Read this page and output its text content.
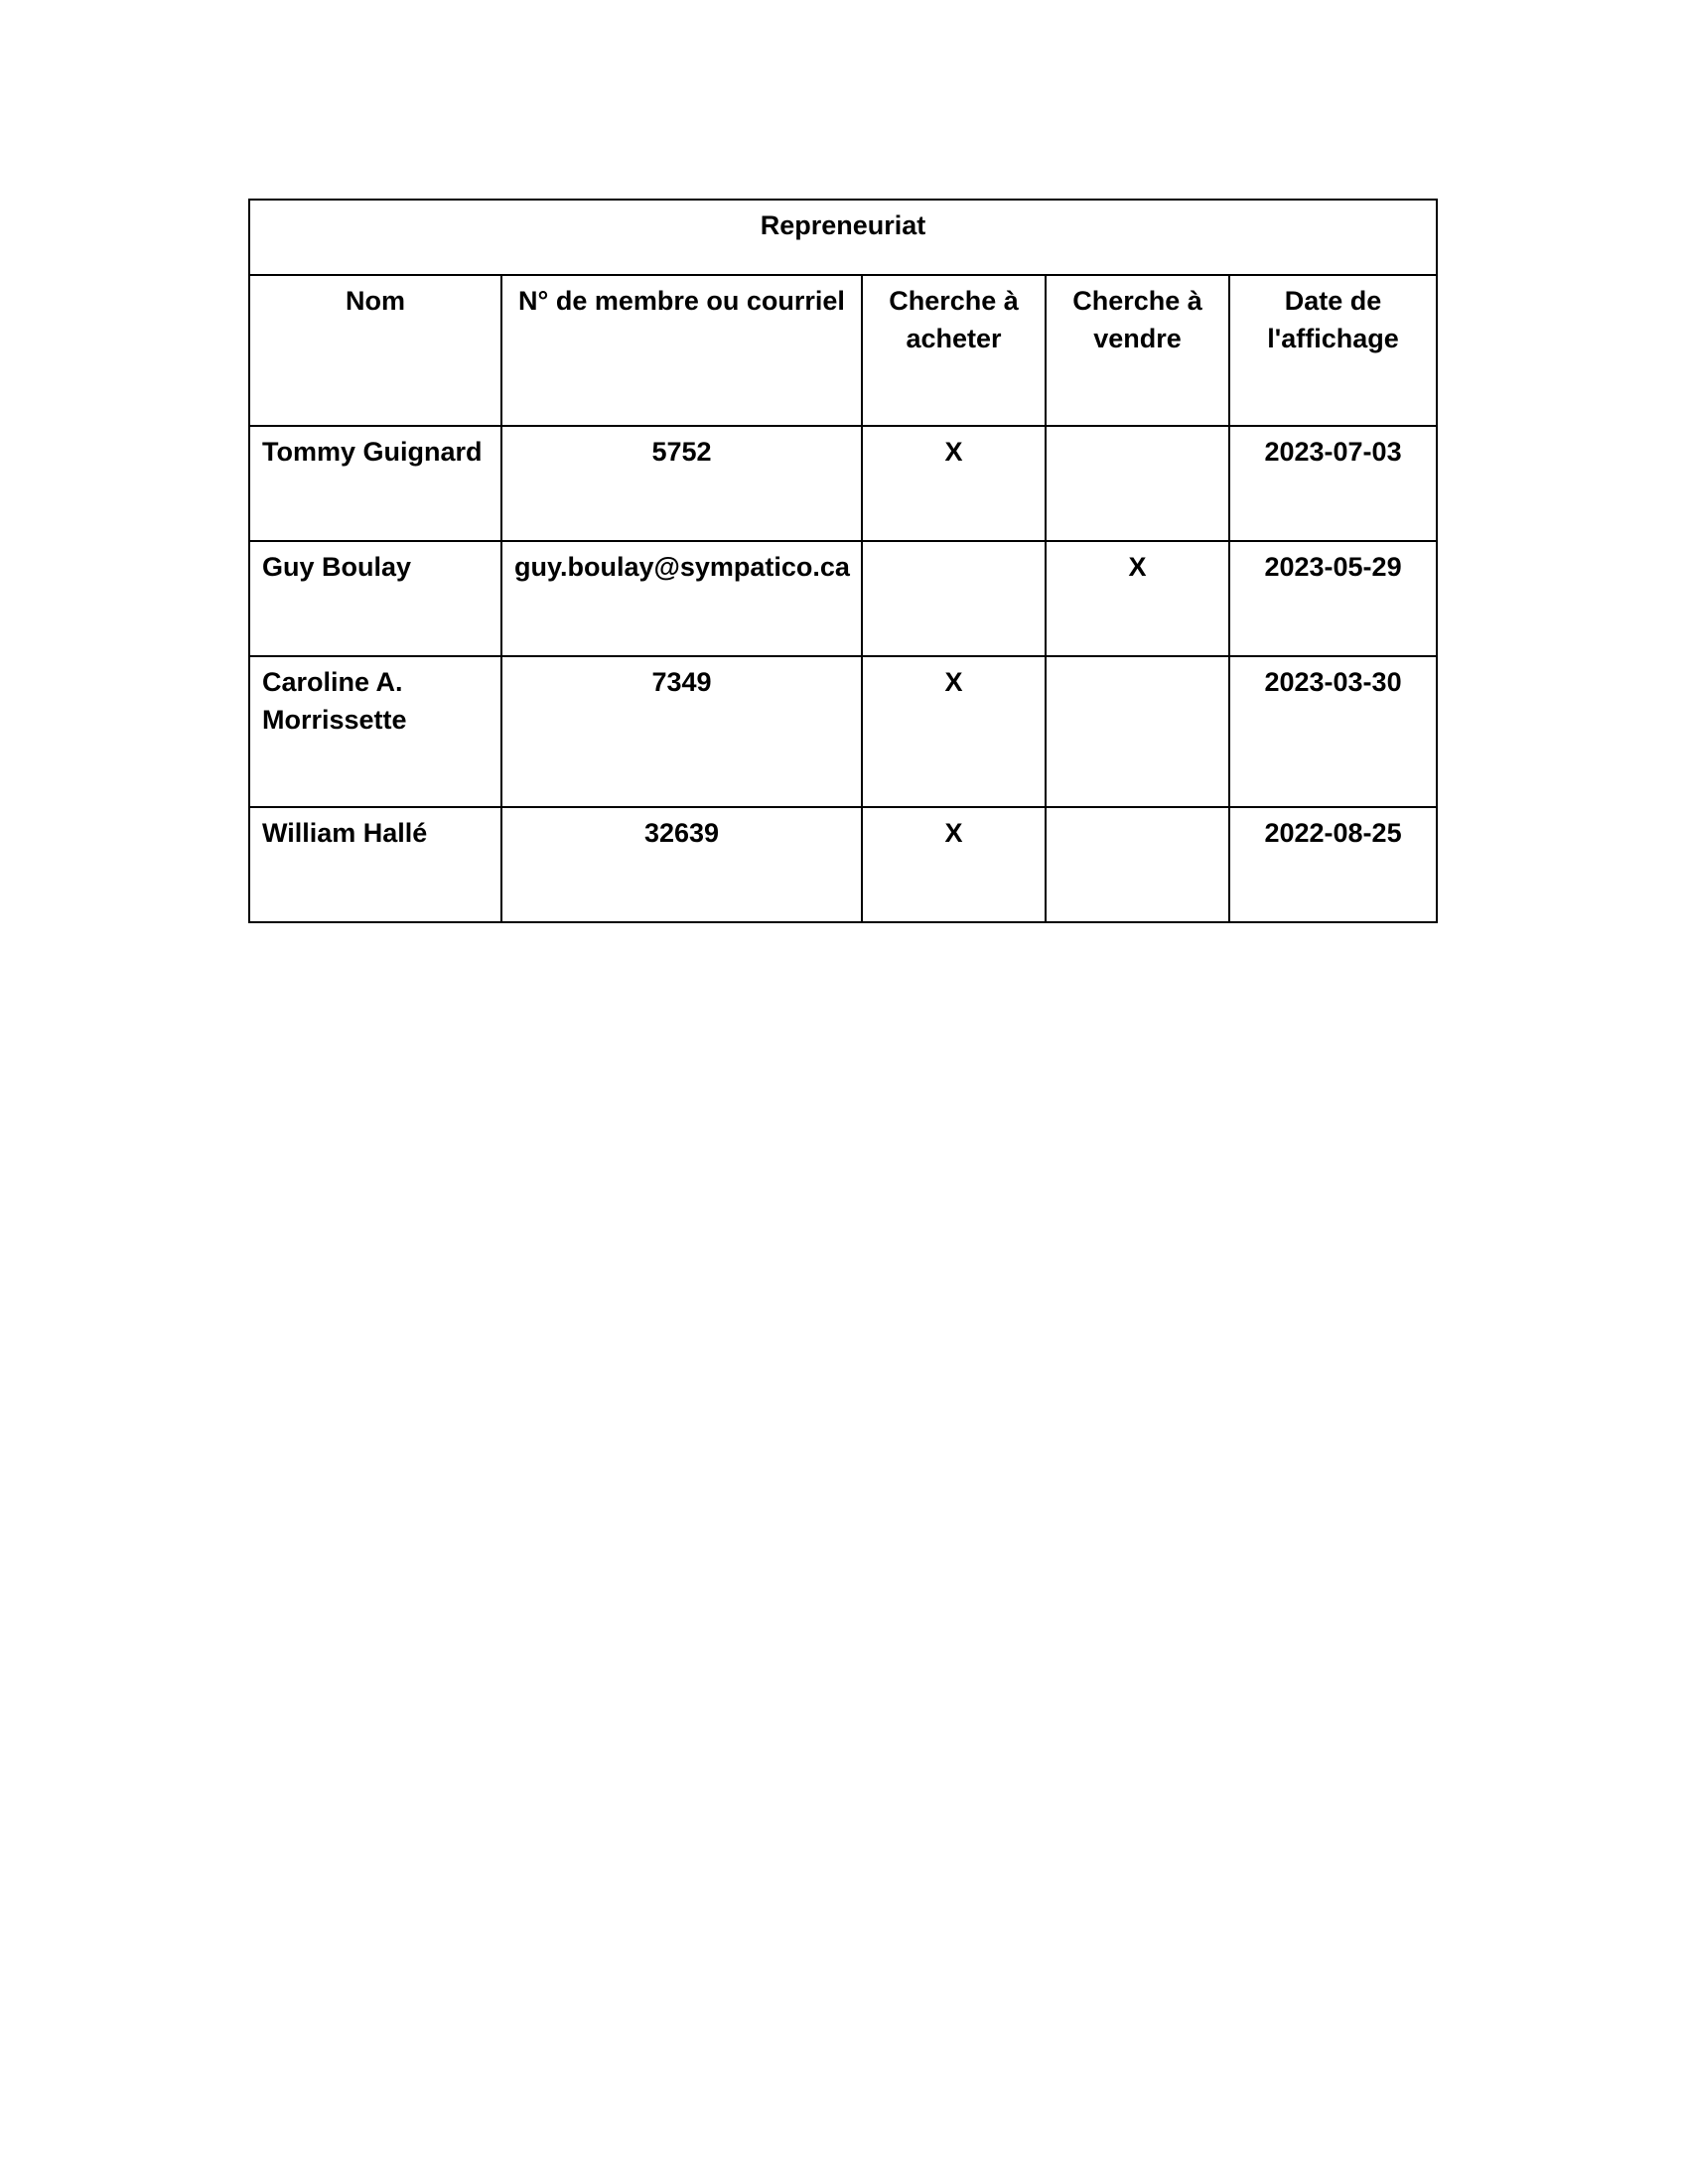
Repreneuriat				
Nom	N° de membre ou courriel	Cherche à acheter	Cherche à vendre	Date de l'affichage
Tommy Guignard	5752	X		2023-07-03
Guy Boulay	guy.boulay@sympatico.ca		X	2023-05-29
Caroline A. Morrissette	7349	X		2023-03-30
William Hallé	32639	X		2022-08-25
